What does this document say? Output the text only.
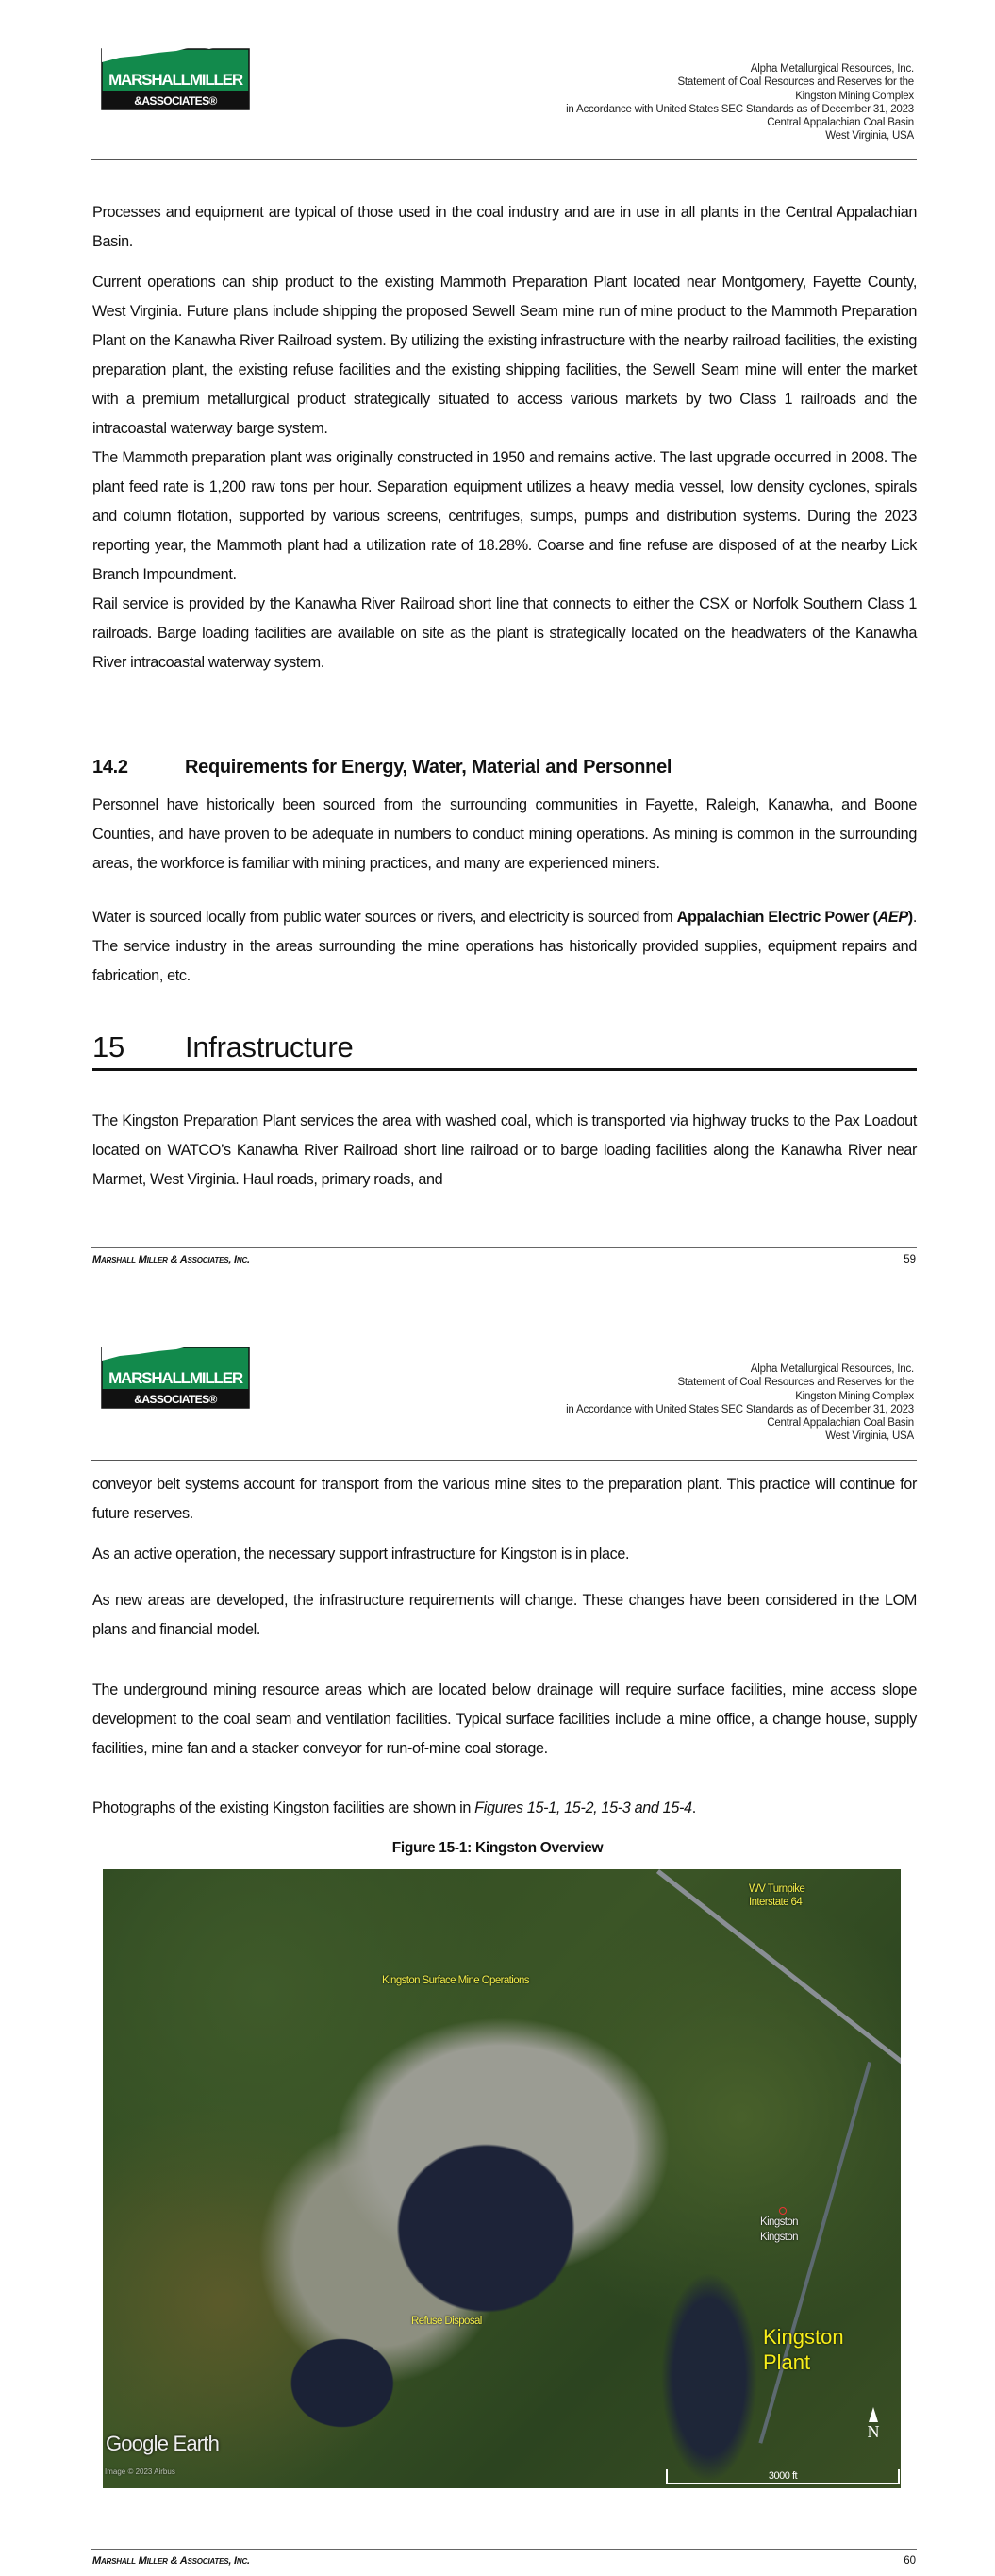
MARSHALLMILLER
&ASSOCIATES®
Alpha Metallurgical Resources, Inc.
Statement of Coal Resources and Reserves for the
Kingston Mining Complex
in Accordance with United States SEC Standards as of December 31, 2023
Central Appalachian Coal Basin
West Virginia, USA

Processes and equipment are typical of those used in the coal industry and are in use in all plants in the Central Appalachian Basin.

Current operations can ship product to the existing Mammoth Preparation Plant located near Montgomery, Fayette County, West Virginia. Future plans include shipping the proposed Sewell Seam mine run of mine product to the Mammoth Preparation Plant on the Kanawha River Railroad system. By utilizing the existing infrastructure with the nearby railroad facilities, the existing preparation plant, the existing refuse facilities and the existing shipping facilities, the Sewell Seam mine will enter the market with a premium metallurgical product strategically situated to access various markets by two Class 1 railroads and the intracoastal waterway barge system.

The Mammoth preparation plant was originally constructed in 1950 and remains active. The last upgrade occurred in 2008. The plant feed rate is 1,200 raw tons per hour. Separation equipment utilizes a heavy media vessel, low density cyclones, spirals and column flotation, supported by various screens, centrifuges, sumps, pumps and distribution systems. During the 2023 reporting year, the Mammoth plant had a utilization rate of 18.28%. Coarse and fine refuse are disposed of at the nearby Lick Branch Impoundment.

Rail service is provided by the Kanawha River Railroad short line that connects to either the CSX or Norfolk Southern Class 1 railroads. Barge loading facilities are available on site as the plant is strategically located on the headwaters of the Kanawha River intracoastal waterway system.

14.2	Requirements for Energy, Water, Material and Personnel

Personnel have historically been sourced from the surrounding communities in Fayette, Raleigh, Kanawha, and Boone Counties, and have proven to be adequate in numbers to conduct mining operations. As mining is common in the surrounding areas, the workforce is familiar with mining practices, and many are experienced miners.

Water is sourced locally from public water sources or rivers, and electricity is sourced from Appalachian Electric Power (AEP). The service industry in the areas surrounding the mine operations has historically provided supplies, equipment repairs and fabrication, etc.

15 Infrastructure

The Kingston Preparation Plant services the area with washed coal, which is transported via highway trucks to the Pax Loadout located on WATCO’s Kanawha River Railroad short line railroad or to barge loading facilities along the Kanawha River near Marmet, West Virginia. Haul roads, primary roads, and

Marshall Miller & Associates, Inc.	59
MARSHALLMILLER
&ASSOCIATES®
Alpha Metallurgical Resources, Inc.
Statement of Coal Resources and Reserves for the
Kingston Mining Complex
in Accordance with United States SEC Standards as of December 31, 2023
Central Appalachian Coal Basin
West Virginia, USA

conveyor belt systems account for transport from the various mine sites to the preparation plant. This practice will continue for future reserves.

As an active operation, the necessary support infrastructure for Kingston is in place.

As new areas are developed, the infrastructure requirements will change. These changes have been considered in the LOM plans and financial model.

The underground mining resource areas which are located below drainage will require surface facilities, mine access slope development to the coal seam and ventilation facilities. Typical surface facilities include a mine office, a change house, supply facilities, mine fan and a stacker conveyor for run-of-mine coal storage.

Photographs of the existing Kingston facilities are shown in Figures 15-1, 15-2, 15-3 and 15-4.

Figure 15-1: Kingston Overview
WV Turnpike
Interstate 64
Kingston Surface Mine Operations
Kingston
Kingston
Refuse Disposal
Kingston
Plant
Google Earth
Image © 2023 Airbus
N
3000 ft
Marshall Miller & Associates, Inc.	60
